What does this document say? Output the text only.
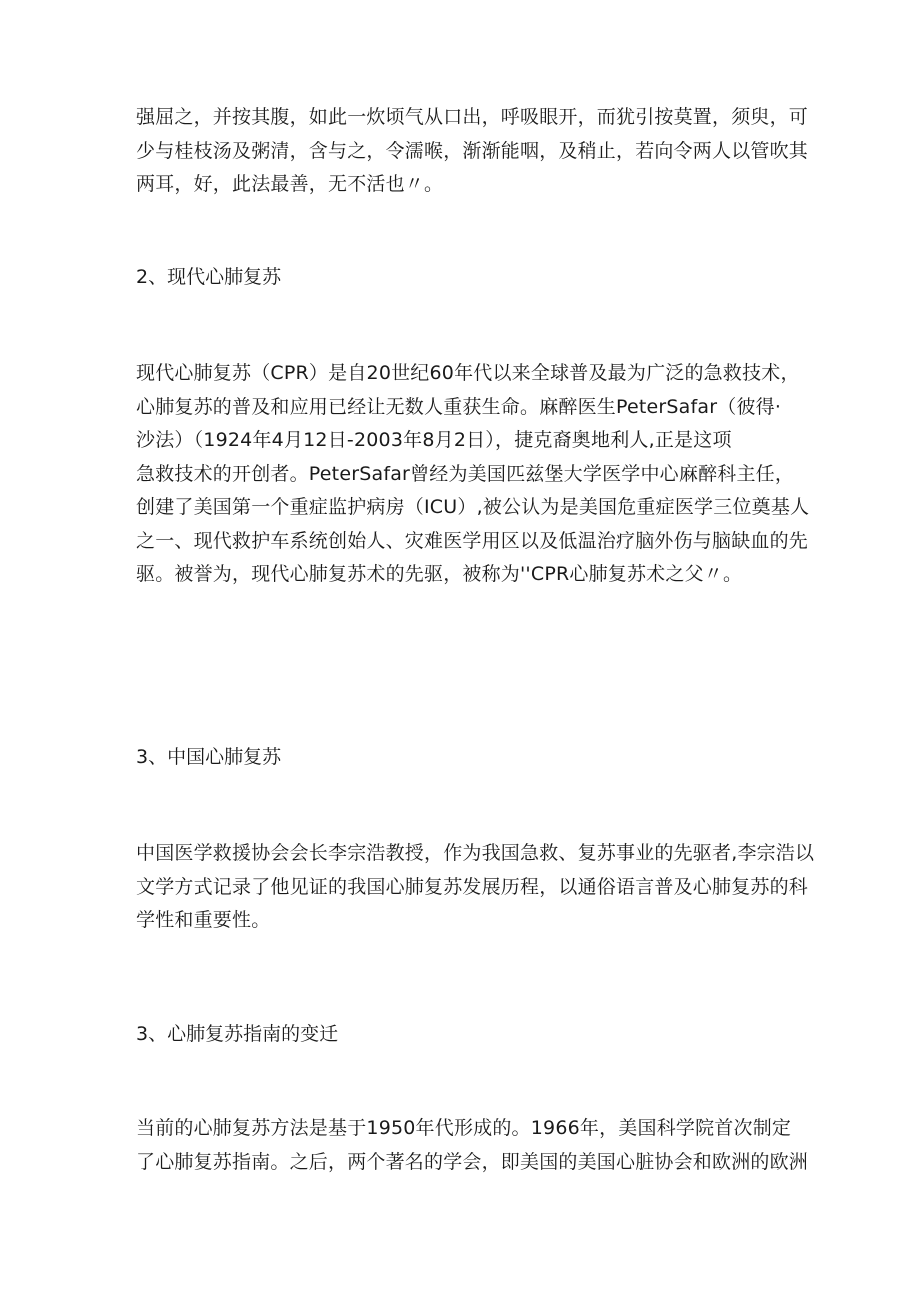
强屈之，并按其腹，如此一炊顷气从口出，呼吸眼开，而犹引按莫置，须臾，可
少与桂枝汤及粥清，含与之，令濡喉，渐渐能咽，及稍止，若向令两人以管吹其
两耳，好，此法最善，无不活也〃。

2、现代心肺复苏

现代心肺复苏（CPR）是自20世纪60年代以来全球普及最为广泛的急救技术，
心肺复苏的普及和应用已经让无数人重获生命。麻醉医生PeterSafar（彼得·
沙法）（1924年4月12日-2003年8月2日），捷克裔奥地利人,正是这项
急救技术的开创者。PeterSafar曾经为美国匹兹堡大学医学中心麻醉科主任，
创建了美国第一个重症监护病房（ICU）,被公认为是美国危重症医学三位奠基人
之一、现代救护车系统创始人、灾难医学用区以及低温治疗脑外伤与脑缺血的先
驱。被誉为，现代心肺复苏术的先驱，被称为''CPR心肺复苏术之父〃。

3、中国心肺复苏

中国医学救援协会会长李宗浩教授，作为我国急救、复苏事业的先驱者,李宗浩以
文学方式记录了他见证的我国心肺复苏发展历程，以通俗语言普及心肺复苏的科
学性和重要性。

3、心肺复苏指南的变迁

当前的心肺复苏方法是基于1950年代形成的。1966年，美国科学院首次制定
了心肺复苏指南。之后，两个著名的学会，即美国的美国心脏协会和欧洲的欧洲
